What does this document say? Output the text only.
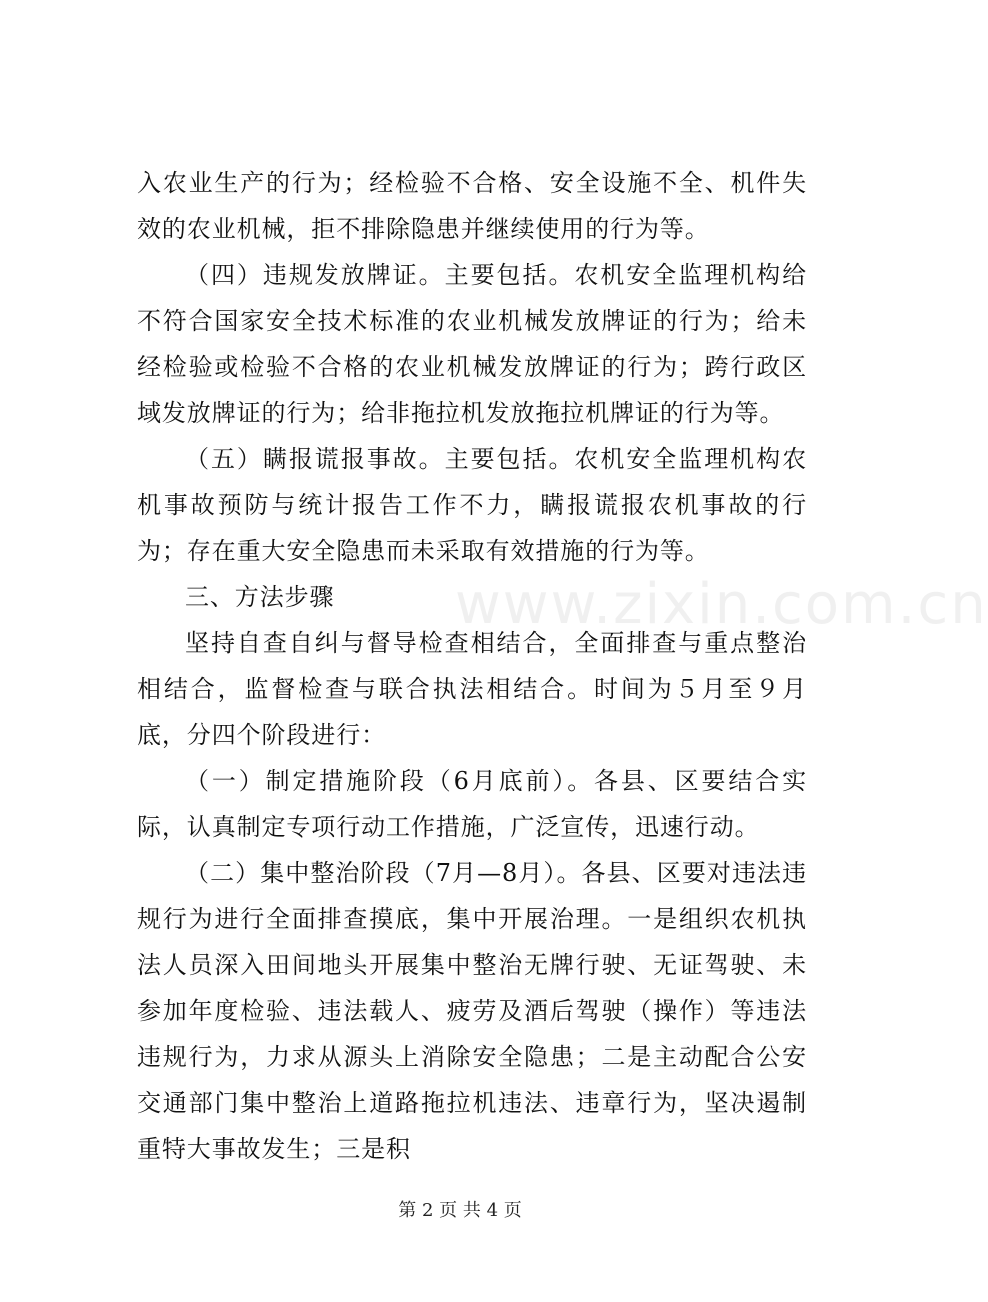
www.zixin.com.cn

入农业生产的行为；经检验不合格、安全设施不全、机件失效的农业机械，拒不排除隐患并继续使用的行为等。

（四）违规发放牌证。主要包括。农机安全监理机构给不符合国家安全技术标准的农业机械发放牌证的行为；给未经检验或检验不合格的农业机械发放牌证的行为；跨行政区域发放牌证的行为；给非拖拉机发放拖拉机牌证的行为等。

（五）瞒报谎报事故。主要包括。农机安全监理机构农机事故预防与统计报告工作不力，瞒报谎报农机事故的行为；存在重大安全隐患而未采取有效措施的行为等。

三、方法步骤

坚持自查自纠与督导检查相结合，全面排查与重点整治相结合，监督检查与联合执法相结合。时间为５月至９月底，分四个阶段进行：

（一）制定措施阶段（6月底前）。各县、区要结合实际，认真制定专项行动工作措施，广泛宣传，迅速行动。

（二）集中整治阶段（7月—8月）。各县、区要对违法违规行为进行全面排查摸底，集中开展治理。一是组织农机执法人员深入田间地头开展集中整治无牌行驶、无证驾驶、未参加年度检验、违法载人、疲劳及酒后驾驶（操作）等违法违规行为，力求从源头上消除安全隐患；二是主动配合公安交通部门集中整治上道路拖拉机违法、违章行为，坚决遏制重特大事故发生；三是积

第 2 页 共 4 页
